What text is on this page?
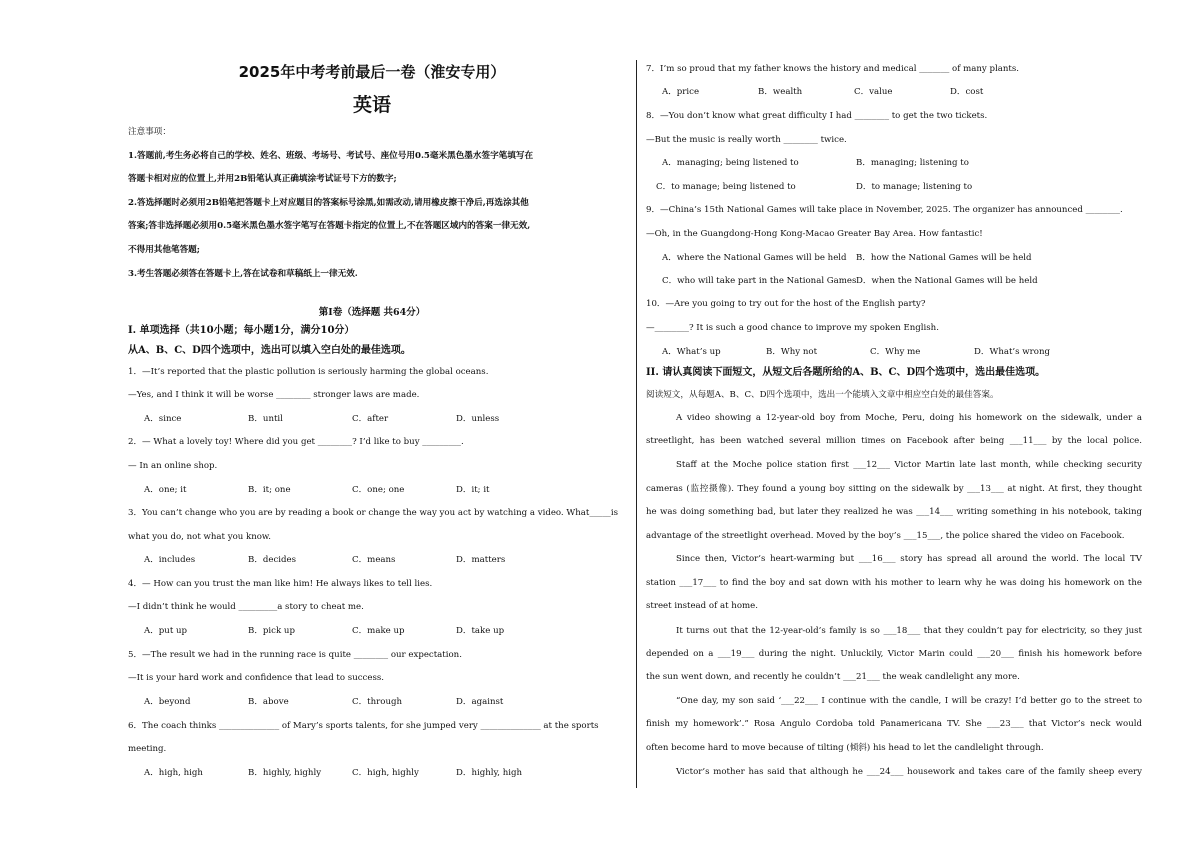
2025年中考考前最后一卷（淮安专用）
英语
注意事项：
1.答题前,考生务必将自己的学校、姓名、班级、考场号、考试号、座位号用0.5毫米黑色墨水签字笔填写在
答题卡相对应的位置上,并用2B铅笔认真正确填涂考试证号下方的数字;
2.答选择题时必须用2B铅笔把答题卡上对应题目的答案标号涂黑,如需改动,请用橡皮擦干净后,再选涂其他
答案;答非选择题必须用0.5毫米黑色墨水签字笔写在答题卡指定的位置上,不在答题区域内的答案一律无效,
不得用其他笔答题;
3.考生答题必须答在答题卡上,答在试卷和草稿纸上一律无效.
第Ⅰ卷（选择题 共64分）
I. 单项选择（共10小题；每小题1分，满分10分）
从A、B、C、D四个选项中，选出可以填入空白处的最佳选项。
1．—It’s reported that the plastic pollution is seriously harming the global oceans.
—Yes, and I think it will be worse ________ stronger laws are made.
A．since	B．until	C．after	D．unless
2．— What a lovely toy! Where did you get ________? I’d like to buy _________.
— In an online shop.
A．one; it	B．it; one	C．one; one	D．it; it
3．You can’t change who you are by reading a book or change the way you act by watching a video. What_____is
what you do, not what you know.
A．includes	B．decides	C．means	D．matters
4．— How can you trust the man like him! He always likes to tell lies.
—I didn’t think he would _________a story to cheat me.
A．put up	B．pick up	C．make up	D．take up
5．—The result we had in the running race is quite ________ our expectation.
—It is your hard work and confidence that lead to success.
A．beyond	B．above	C．through	D．against
6．The coach thinks ______________ of Mary’s sports talents, for she jumped very ______________ at the sports
meeting.
A．high, high	B．highly, highly	C．high, highly	D．highly, high
7．I’m so proud that my father knows the history and medical _______ of many plants.
A．price	B．wealth	C．value	D．cost
8．—You don’t know what great difficulty I had ________ to get the two tickets.
—But the music is really worth ________ twice.
A．managing; being listened to	B．managing; listening to
C．to manage; being listened to	D．to manage; listening to
9．—China’s 15th National Games will take place in November, 2025. The organizer has announced ________.
—Oh, in the Guangdong-Hong Kong-Macao Greater Bay Area. How fantastic!
A．where the National Games will be held	B．how the National Games will be held
C．who will take part in the National Games D．when the National Games will be held
10．—Are you going to try out for the host of the English party?
—________? It is such a good chance to improve my spoken English.
A．What’s up	B．Why not	C．Why me	D．What’s wrong
II. 请认真阅读下面短文，从短文后各题所给的A、B、C、D四个选项中，选出最佳选项。
阅读短文，从每题A、B、C、D四个选项中，选出一个能填入文章中相应空白处的最佳答案。
A video showing a 12-year-old boy from Moche, Peru, doing his homework on the sidewalk, under a
streetlight, has been watched several million times on Facebook after being ___11___ by the local police.
Staff at the Moche police station first ___12___ Victor Martin late last month, while checking security
cameras (监控摄像). They found a young boy sitting on the sidewalk by ___13___ at night. At first, they thought
he was doing something bad, but later they realized he was ___14___ writing something in his notebook, taking
advantage of the streetlight overhead. Moved by the boy’s ___15___, the police shared the video on Facebook.
Since then, Victor’s heart-warming but ___16___ story has spread all around the world. The local TV
station ___17___ to find the boy and sat down with his mother to learn why he was doing his homework on the
street instead of at home.
It turns out that the 12-year-old’s family is so ___18___ that they couldn’t pay for electricity, so they just
depended on a ___19___ during the night. Unluckily, Victor Marin could ___20___ finish his homework before
the sun went down, and recently he couldn’t ___21___ the weak candlelight any more.
“One day, my son said ‘___22___ I continue with the candle, I will be crazy! I’d better go to the street to
finish my homework’.” Rosa Angulo Cordoba told Panamericana TV. She ___23___ that Victor’s neck would
often become hard to move because of tilting (倾斜) his head to let the candlelight through.
Victor’s mother has said that although he ___24___ housework and takes care of the family sheep every
